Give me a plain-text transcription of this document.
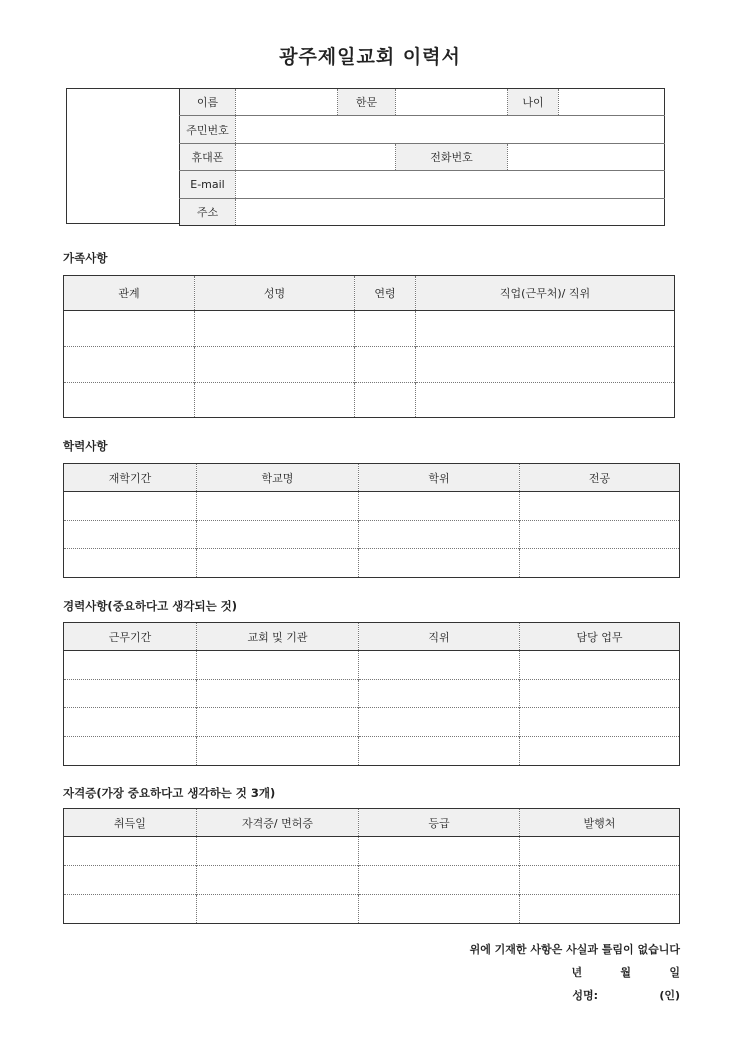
광주제일교회 이력서
이름		한문		나이	
주민번호					
휴대폰			전화번호		
E-mail					
주소					
가족사항
관계	성명	연령	직업(근무처)/ 직위

학력사항
재학기간	학교명	학위	전공

경력사항(중요하다고 생각되는 것)
근무기간	교회 및 기관	직위	담당 업무

자격증(가장 중요하다고 생각하는 것 3개)
취득일	자격증/ 면허증	등급	발행처

위에 기재한 사항은 사실과 틀림이 없습니다
년          월          일
성명:                (인)
